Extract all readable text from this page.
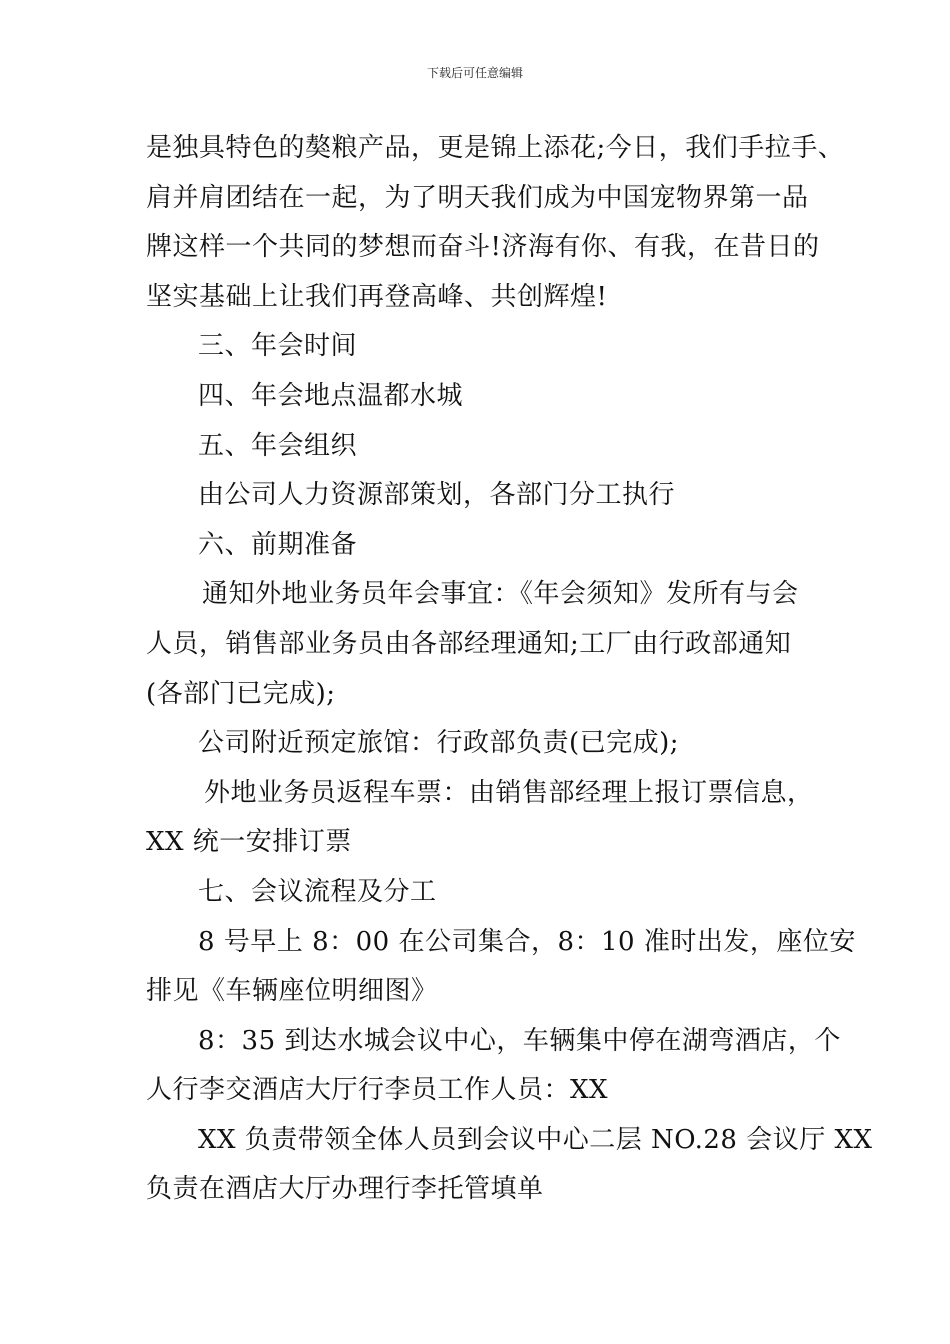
下载后可任意编辑
是独具特色的獒粮产品，更是锦上添花;今日，我们手拉手、
肩并肩团结在一起，为了明天我们成为中国宠物界第一品
牌这样一个共同的梦想而奋斗!济海有你、有我，在昔日的
坚实基础上让我们再登高峰、共创辉煌!
三、年会时间
四、年会地点温都水城
五、年会组织
由公司人力资源部策划，各部门分工执行
六、前期准备
通知外地业务员年会事宜：《年会须知》发所有与会
人员，销售部业务员由各部经理通知;工厂由行政部通知
(各部门已完成);
公司附近预定旅馆：行政部负责(已完成);
外地业务员返程车票：由销售部经理上报订票信息，
XX 统一安排订票
七、会议流程及分工
8 号早上 8：00 在公司集合，8：10 准时出发，座位安
排见《车辆座位明细图》
8：35 到达水城会议中心，车辆集中停在湖弯酒店，个
人行李交酒店大厅行李员工作人员：XX
XX 负责带领全体人员到会议中心二层 NO.28 会议厅 XX
负责在酒店大厅办理行李托管填单
